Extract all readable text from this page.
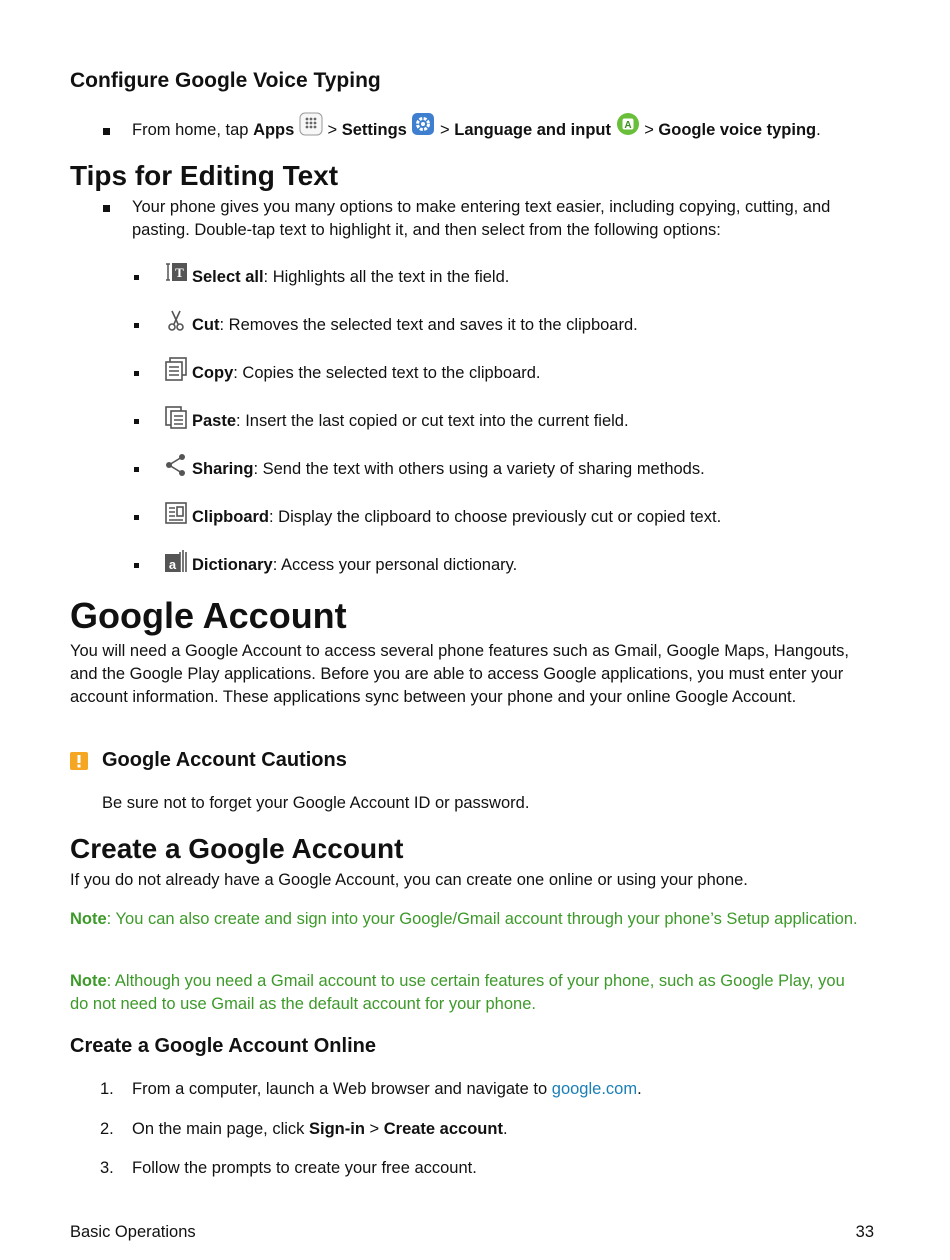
Configure Google Voice Typing
From home, tap Apps > Settings > Language and input A > Google voice typing.
Tips for Editing Text
Your phone gives you many options to make entering text easier, including copying, cutting, and pasting. Double-tap text to highlight it, and then select from the following options:
T Select all: Highlights all the text in the field.
Cut: Removes the selected text and saves it to the clipboard.
Copy: Copies the selected text to the clipboard.
Paste: Insert the last copied or cut text into the current field.
Sharing: Send the text with others using a variety of sharing methods.
Clipboard: Display the clipboard to choose previously cut or copied text.
a Dictionary: Access your personal dictionary.
Google Account
You will need a Google Account to access several phone features such as Gmail, Google Maps, Hangouts, and the Google Play applications. Before you are able to access Google applications, you must enter your account information. These applications sync between your phone and your online Google Account.
Google Account Cautions
Be sure not to forget your Google Account ID or password.
Create a Google Account
If you do not already have a Google Account, you can create one online or using your phone.
Note: You can also create and sign into your Google/Gmail account through your phone’s Setup application.
Note: Although you need a Gmail account to use certain features of your phone, such as Google Play, you do not need to use Gmail as the default account for your phone.
Create a Google Account Online
1. From a computer, launch a Web browser and navigate to google.com.
2. On the main page, click Sign-in > Create account.
3. Follow the prompts to create your free account.
Basic Operations	33
